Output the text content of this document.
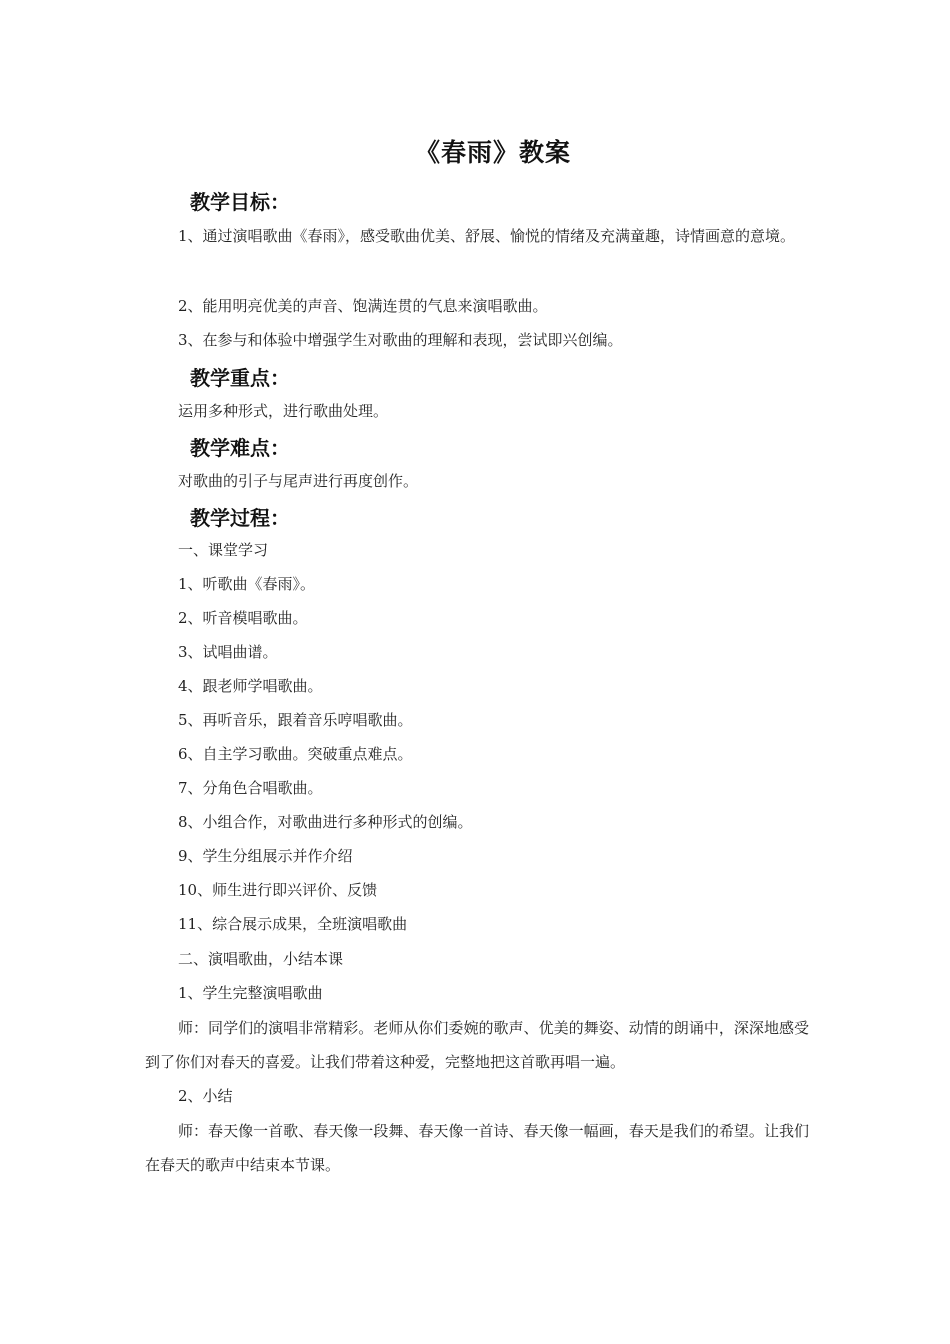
《春雨》教案
教学目标：
1、通过演唱歌曲《春雨》，感受歌曲优美、舒展、愉悦的情绪及充满童趣，诗情画意的意境。
2、能用明亮优美的声音、饱满连贯的气息来演唱歌曲。
3、在参与和体验中增强学生对歌曲的理解和表现，尝试即兴创编。
教学重点：
运用多种形式，进行歌曲处理。
教学难点：
对歌曲的引子与尾声进行再度创作。
教学过程：
一、课堂学习
1、听歌曲《春雨》。
2、听音模唱歌曲。
3、试唱曲谱。
4、跟老师学唱歌曲。
5、再听音乐，跟着音乐哼唱歌曲。
6、自主学习歌曲。突破重点难点。
7、分角色合唱歌曲。
8、小组合作，对歌曲进行多种形式的创编。
9、学生分组展示并作介绍
10、师生进行即兴评价、反馈
11、综合展示成果，全班演唱歌曲
二、演唱歌曲，小结本课
1、学生完整演唱歌曲
师：同学们的演唱非常精彩。老师从你们委婉的歌声、优美的舞姿、动情的朗诵中，深深地感受到了你们对春天的喜爱。让我们带着这种爱，完整地把这首歌再唱一遍。
2、小结
师：春天像一首歌、春天像一段舞、春天像一首诗、春天像一幅画，春天是我们的希望。让我们在春天的歌声中结束本节课。
